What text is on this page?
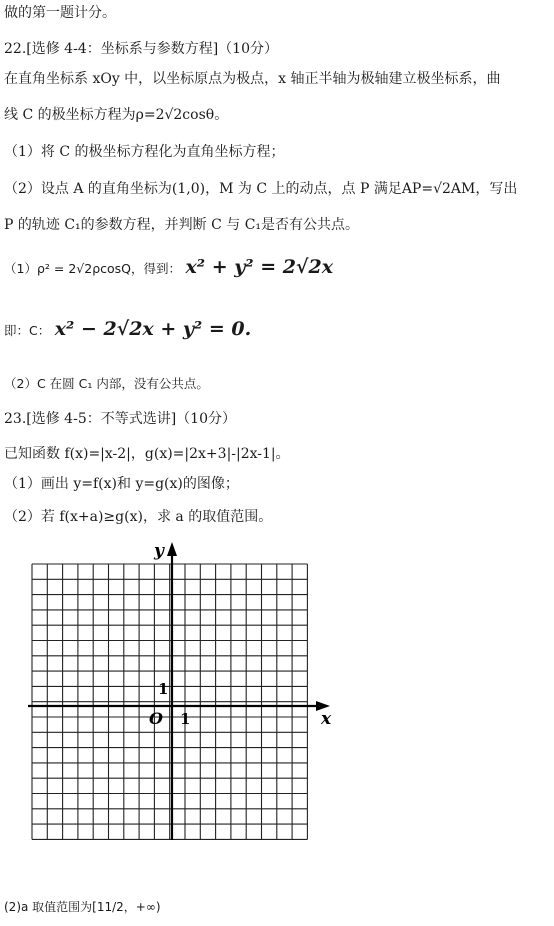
做的第一题计分。
22.[选修 4-4：坐标系与参数方程]（10分）
在直角坐标系 xOy 中，以坐标原点为极点，x 轴正半轴为极轴建立极坐标系，曲
线 C 的极坐标方程为ρ=2√2cosθ。
（1）将 C 的极坐标方程化为直角坐标方程；
（2）设点 A 的直角坐标为(1,0)，M 为 C 上的动点，点 P 满足AP=√2AM，写出
P 的轨迹 C₁的参数方程，并判断 C 与 C₁是否有公共点。
（1）ρ² = 2√2ρcosQ，得到： x² + y² = 2√2x
即：C： x² − 2√2x + y² = 0.
（2）C 在圆 C₁ 内部，没有公共点。
23.[选修 4-5：不等式选讲]（10分）
已知函数 f(x)=|x-2|，g(x)=|2x+3|-|2x-1|。
（1）画出 y=f(x)和 y=g(x)的图像；
（2）若 f(x+a)≥g(x)，求 a 的取值范围。
y
x
O 1
1
(2)a 取值范围为[11/2，+∞)
